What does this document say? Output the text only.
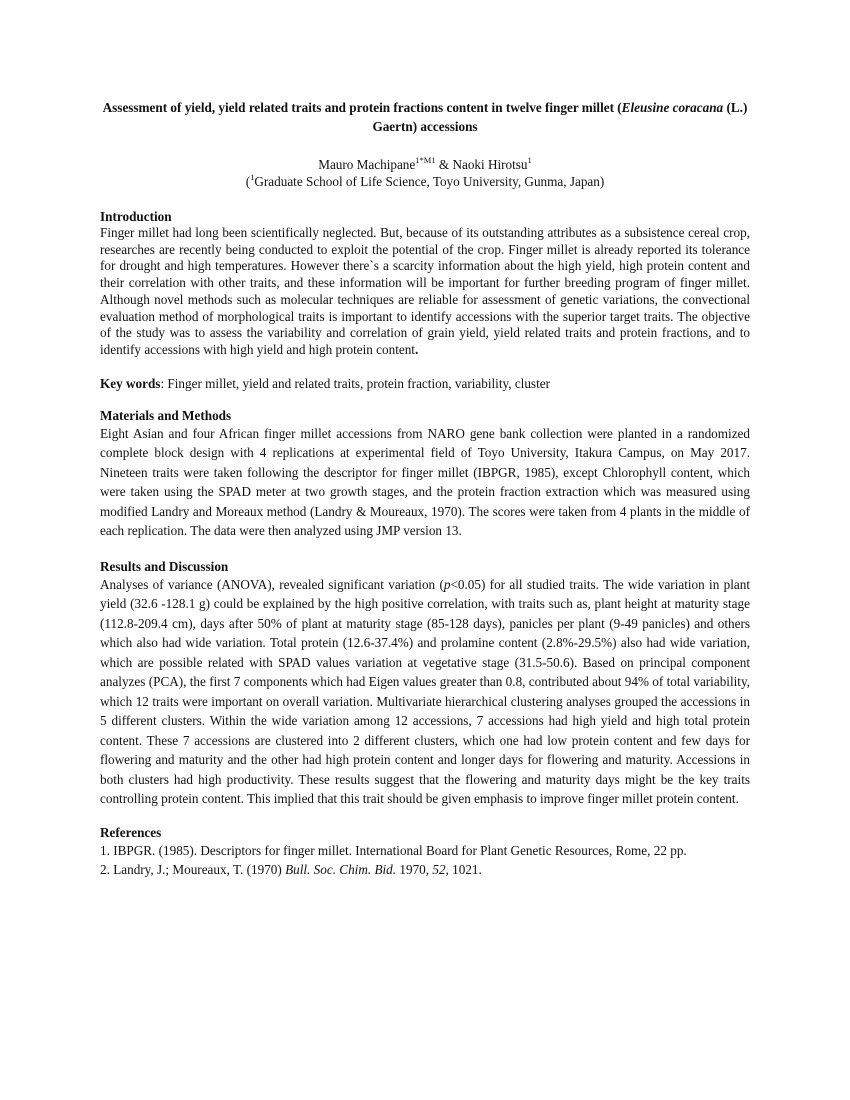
Assessment of yield, yield related traits and protein fractions content in twelve finger millet (Eleusine coracana (L.) Gaertn) accessions
Mauro Machipane$^{1*M1}$ & Naoki Hirotsu$^1$
($^1$Graduate School of Life Science, Toyo University, Gunma, Japan)
Introduction
Finger millet had long been scientifically neglected. But, because of its outstanding attributes as a subsistence cereal crop, researches are recently being conducted to exploit the potential of the crop. Finger millet is already reported its tolerance for drought and high temperatures. However there`s a scarcity information about the high yield, high protein content and their correlation with other traits, and these information will be important for further breeding program of finger millet. Although novel methods such as molecular techniques are reliable for assessment of genetic variations, the convectional evaluation method of morphological traits is important to identify accessions with the superior target traits. The objective of the study was to assess the variability and correlation of grain yield, yield related traits and protein fractions, and to identify accessions with high yield and high protein content.
Key words: Finger millet, yield and related traits, protein fraction, variability, cluster
Materials and Methods
Eight Asian and four African finger millet accessions from NARO gene bank collection were planted in a randomized complete block design with 4 replications at experimental field of Toyo University, Itakura Campus, on May 2017. Nineteen traits were taken following the descriptor for finger millet (IBPGR, 1985), except Chlorophyll content, which were taken using the SPAD meter at two growth stages, and the protein fraction extraction which was measured using modified Landry and Moreaux method (Landry & Moureaux, 1970). The scores were taken from 4 plants in the middle of each replication. The data were then analyzed using JMP version 13.
Results and Discussion
Analyses of variance (ANOVA), revealed significant variation (p<0.05) for all studied traits. The wide variation in plant yield (32.6 -128.1 g) could be explained by the high positive correlation, with traits such as, plant height at maturity stage (112.8-209.4 cm), days after 50% of plant at maturity stage (85-128 days), panicles per plant (9-49 panicles) and others which also had wide variation. Total protein (12.6-37.4%) and prolamine content (2.8%-29.5%) also had wide variation, which are possible related with SPAD values variation at vegetative stage (31.5-50.6). Based on principal component analyzes (PCA), the first 7 components which had Eigen values greater than 0.8, contributed about 94% of total variability, which 12 traits were important on overall variation. Multivariate hierarchical clustering analyses grouped the accessions in 5 different clusters. Within the wide variation among 12 accessions, 7 accessions had high yield and high total protein content. These 7 accessions are clustered into 2 different clusters, which one had low protein content and few days for flowering and maturity and the other had high protein content and longer days for flowering and maturity. Accessions in both clusters had high productivity. These results suggest that the flowering and maturity days might be the key traits controlling protein content. This implied that this trait should be given emphasis to improve finger millet protein content.
References
1. IBPGR. (1985). Descriptors for finger millet. International Board for Plant Genetic Resources, Rome, 22 pp.
2. Landry, J.; Moureaux, T. (1970) Bull. Soc. Chim. Bid. 1970, 52, 1021.
